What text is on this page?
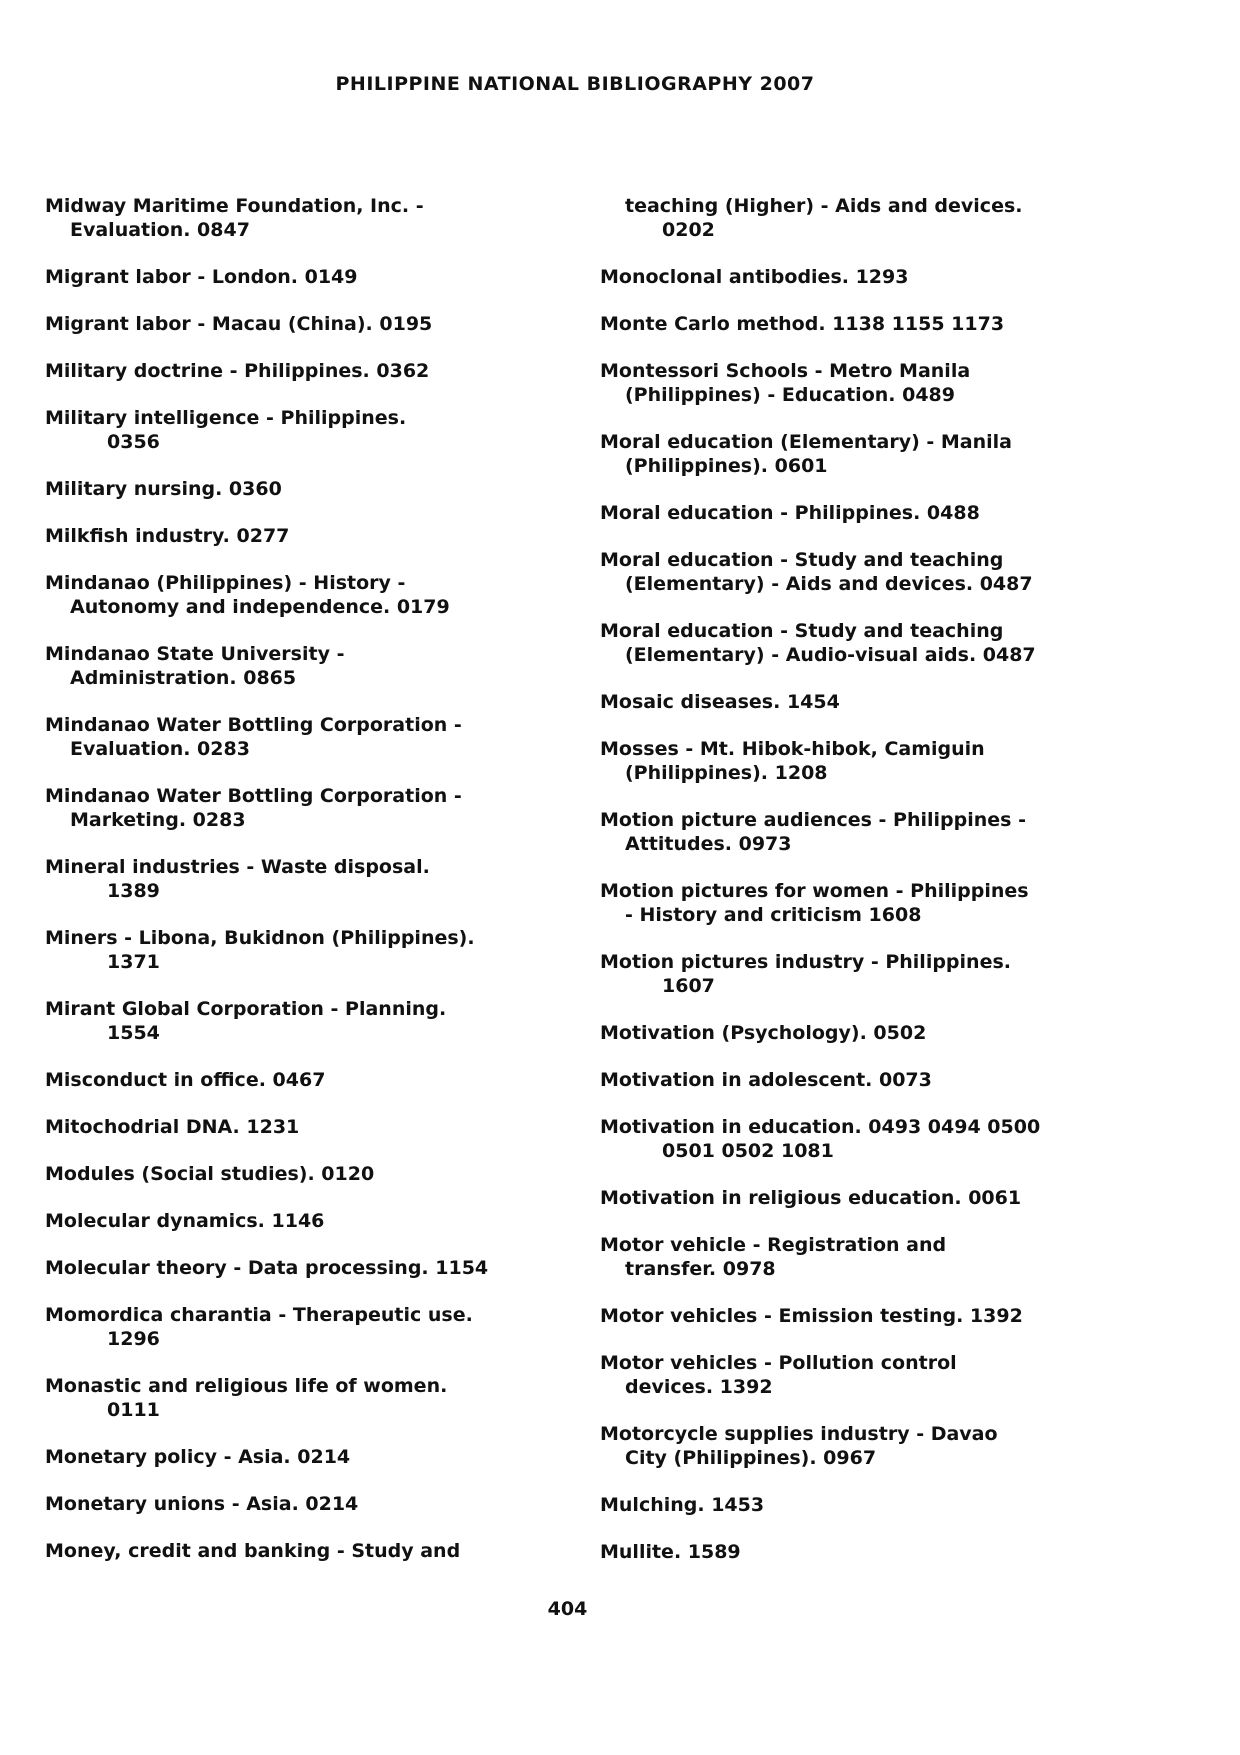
PHILIPPINE NATIONAL BIBLIOGRAPHY 2007
Midway Maritime Foundation, Inc. -
Evaluation. 0847
Migrant labor - London. 0149
Migrant labor - Macau (China). 0195
Military doctrine - Philippines. 0362
Military intelligence - Philippines.
0356
Military nursing. 0360
Milkfish industry. 0277
Mindanao (Philippines) - History -
Autonomy and independence. 0179
Mindanao State University -
Administration. 0865
Mindanao Water Bottling Corporation -
Evaluation. 0283
Mindanao Water Bottling Corporation -
Marketing. 0283
Mineral industries - Waste disposal.
1389
Miners - Libona, Bukidnon (Philippines).
1371
Mirant Global Corporation - Planning.
1554
Misconduct in office. 0467
Mitochodrial DNA. 1231
Modules (Social studies). 0120
Molecular dynamics. 1146
Molecular theory - Data processing. 1154
Momordica charantia - Therapeutic use.
1296
Monastic and religious life of women.
0111
Monetary policy - Asia. 0214
Monetary unions - Asia. 0214
Money, credit and banking - Study and
teaching (Higher) - Aids and devices.
0202
Monoclonal antibodies. 1293
Monte Carlo method. 1138 1155 1173
Montessori Schools - Metro Manila
(Philippines) - Education. 0489
Moral education (Elementary) - Manila
(Philippines). 0601
Moral education - Philippines. 0488
Moral education - Study and teaching
(Elementary) - Aids and devices. 0487
Moral education - Study and teaching
(Elementary) - Audio-visual aids. 0487
Mosaic diseases. 1454
Mosses - Mt. Hibok-hibok, Camiguin
(Philippines). 1208
Motion picture audiences - Philippines -
Attitudes. 0973
Motion pictures for women - Philippines
- History and criticism 1608
Motion pictures industry - Philippines.
1607
Motivation (Psychology). 0502
Motivation in adolescent. 0073
Motivation in education. 0493 0494 0500
0501 0502 1081
Motivation in religious education. 0061
Motor vehicle - Registration and
transfer. 0978
Motor vehicles - Emission testing. 1392
Motor vehicles - Pollution control
devices. 1392
Motorcycle supplies industry - Davao
City (Philippines). 0967
Mulching. 1453
Mullite. 1589
404
